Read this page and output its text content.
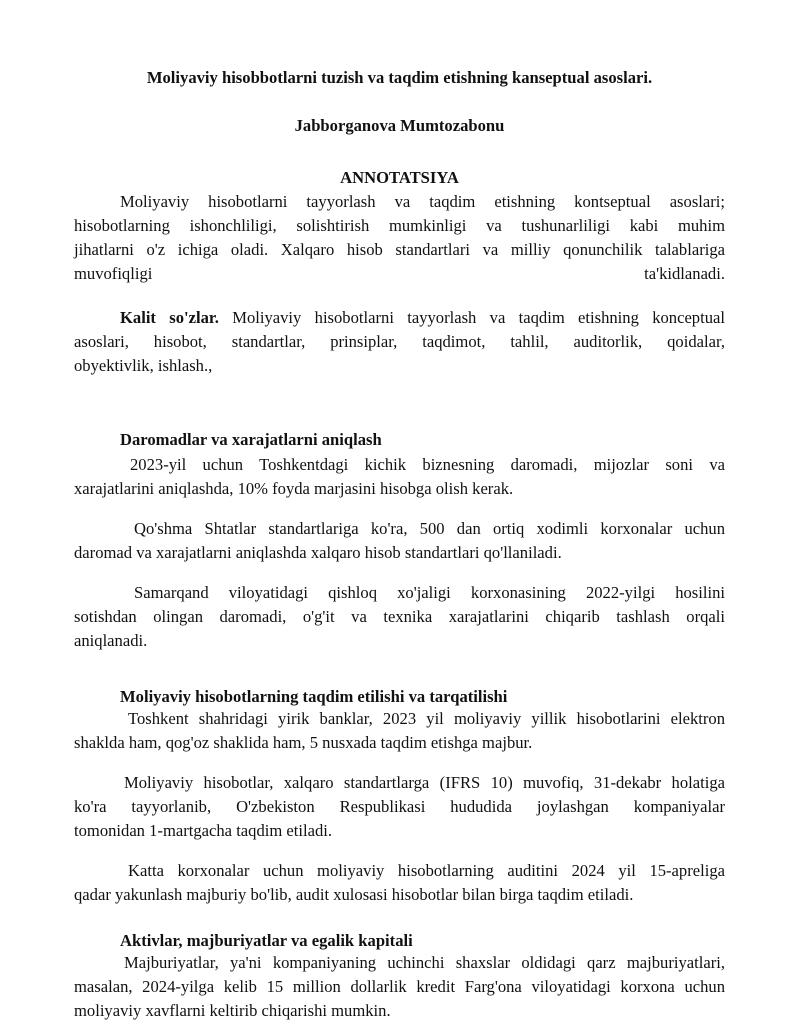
Moliyaviy hisobbotlarni tuzish va taqdim etishning kanseptual asoslari.

Jabborganova Mumtozabonu

ANNOTATSIYA

Moliyaviy hisobotlarni tayyorlash va taqdim etishning kontseptual asoslari;

hisobotlarning ishonchliligi, solishtirish mumkinligi va tushunarliligi kabi muhim

jihatlarni o'z ichiga oladi. Xalqaro hisob standartlari va milliy qonunchilik talablariga

muvofiqligi	ta'kidlanadi.

Kalit so'zlar. Moliyaviy hisobotlarni tayyorlash va taqdim etishning konceptual

asoslari, hisobot, standartlar, prinsiplar, taqdimot, tahlil, auditorlik, qoidalar,

obyektivlik, ishlash.,

Daromadlar va xarajatlarni aniqlash

2023-yil uchun Toshkentdagi kichik biznesning daromadi, mijozlar soni va

xarajatlarini aniqlashda, 10% foyda marjasini hisobga olish kerak.

Qo'shma Shtatlar standartlariga ko'ra, 500 dan ortiq xodimli korxonalar uchun

daromad va xarajatlarni aniqlashda xalqaro hisob standartlari qo'llaniladi.

Samarqand viloyatidagi qishloq xo'jaligi korxonasining 2022-yilgi hosilini

sotishdan olingan daromadi, o'g'it va texnika xarajatlarini chiqarib tashlash orqali

aniqlanadi.

Moliyaviy hisobotlarning taqdim etilishi va tarqatilishi

Toshkent shahridagi yirik banklar, 2023 yil moliyaviy yillik hisobotlarini elektron

shaklda ham, qog'oz shaklida ham, 5 nusxada taqdim etishga majbur.

Moliyaviy hisobotlar, xalqaro standartlarga (IFRS 10) muvofiq, 31-dekabr holatiga

ko'ra tayyorlanib, O'zbekiston Respublikasi hududida joylashgan kompaniyalar

tomonidan 1-martgacha taqdim etiladi.

Katta korxonalar uchun moliyaviy hisobotlarning auditini 2024 yil 15-apreliga

qadar yakunlash majburiy bo'lib, audit xulosasi hisobotlar bilan birga taqdim etiladi.

Aktivlar, majburiyatlar va egalik kapitali

Majburiyatlar, ya'ni kompaniyaning uchinchi shaxslar oldidagi qarz majburiyatlari,

masalan, 2024-yilga kelib 15 million dollarlik kredit Farg'ona viloyatidagi korxona uchun

moliyaviy xavflarni keltirib chiqarishi mumkin.
